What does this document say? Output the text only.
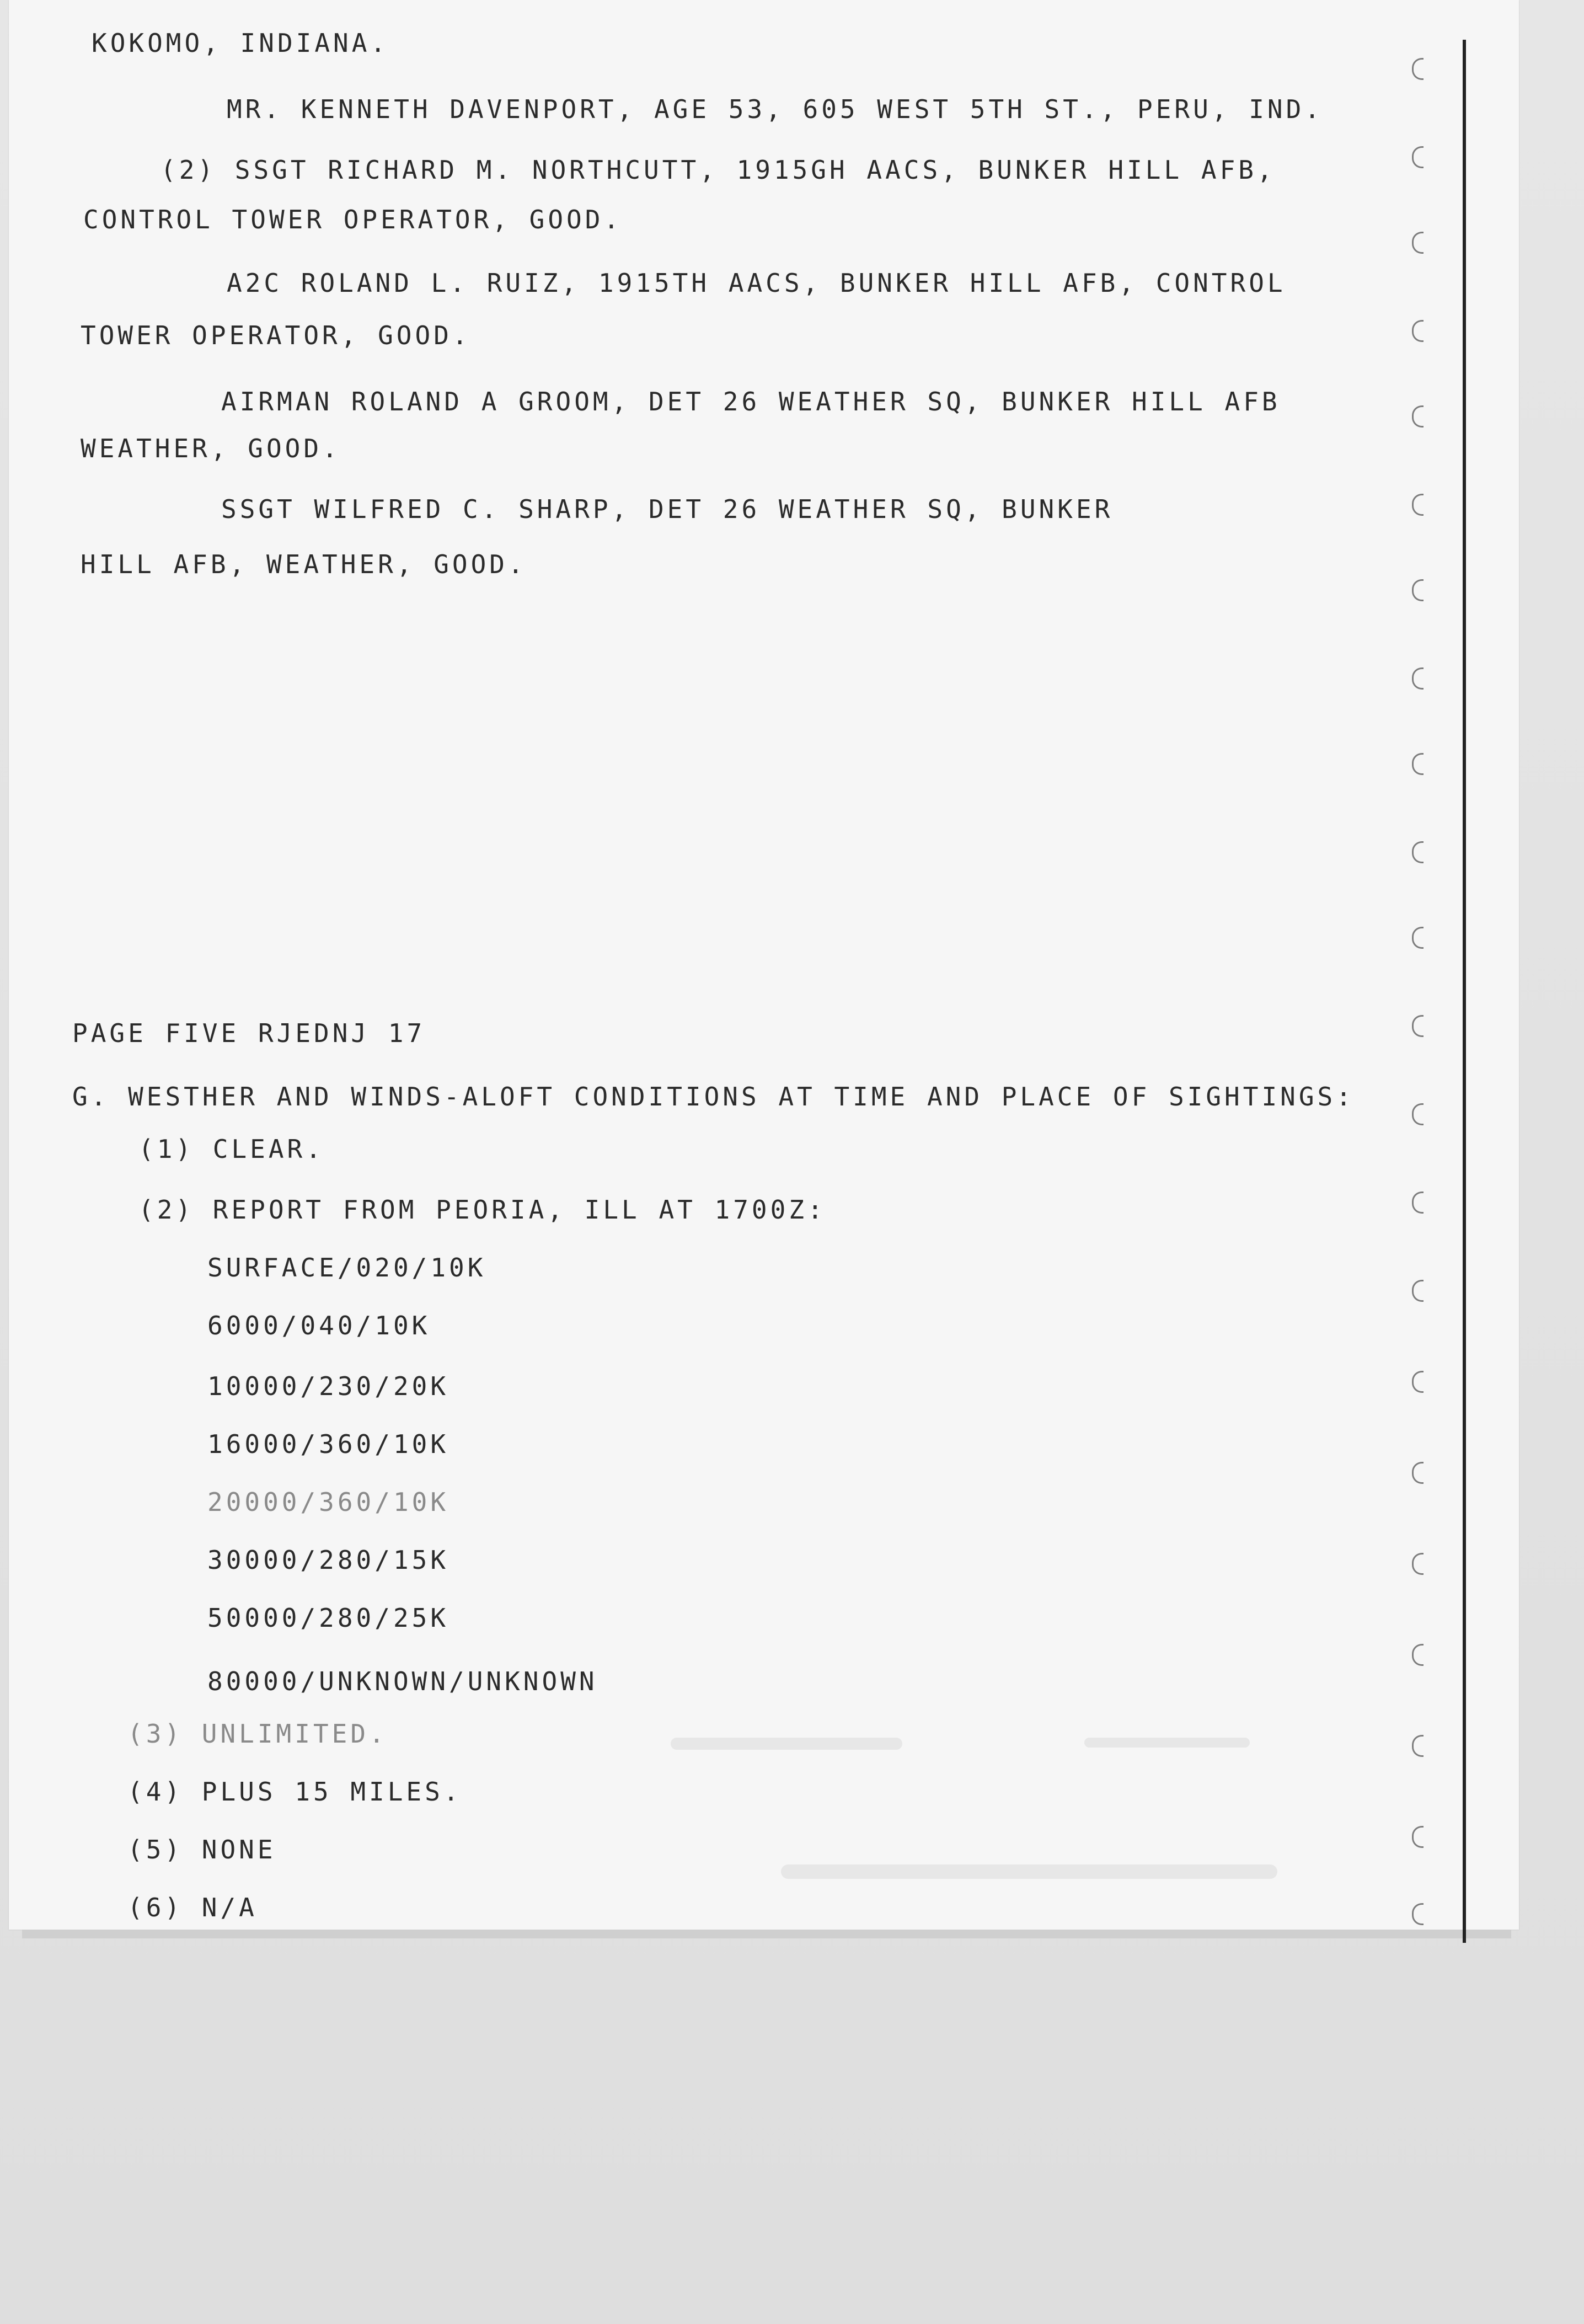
KOKOMO, INDIANA.
MR. KENNETH DAVENPORT, AGE 53, 605 WEST 5TH ST., PERU, IND.
(2) SSGT RICHARD M. NORTHCUTT, 1915GH AACS, BUNKER HILL AFB,
CONTROL TOWER OPERATOR, GOOD.
A2C ROLAND L. RUIZ, 1915TH AACS, BUNKER HILL AFB, CONTROL
TOWER OPERATOR, GOOD.
AIRMAN ROLAND A GROOM, DET 26 WEATHER SQ, BUNKER HILL AFB
WEATHER, GOOD.
SSGT WILFRED C. SHARP, DET 26 WEATHER SQ, BUNKER
HILL AFB, WEATHER, GOOD.
PAGE FIVE RJEDNJ 17
G. WESTHER AND WINDS-ALOFT CONDITIONS AT TIME AND PLACE OF SIGHTINGS:
(1) CLEAR.
(2) REPORT FROM PEORIA, ILL AT 1700Z:
SURFACE/020/10K
6000/040/10K
10000/230/20K
16000/360/10K
20000/360/10K
30000/280/15K
50000/280/25K
80000/UNKNOWN/UNKNOWN
(3) UNLIMITED.
(4) PLUS 15 MILES.
(5) NONE
(6) N/A
